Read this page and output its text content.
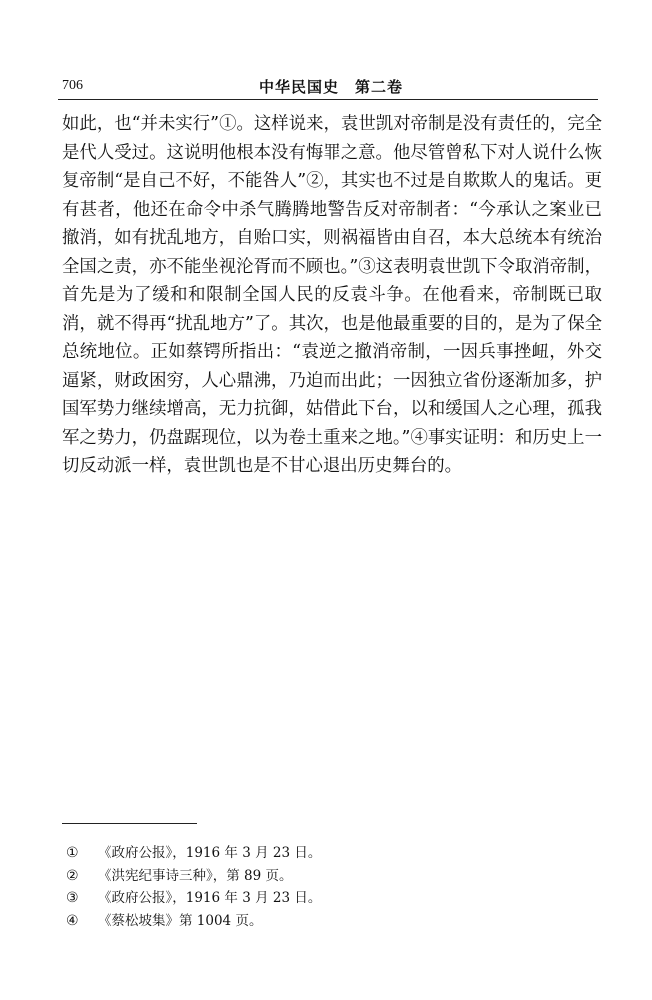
706	中华民国史　第二卷
如此，也“并未实行”①。这样说来，袁世凯对帝制是没有责任的，完全是代人受过。这说明他根本没有悔罪之意。他尽管曾私下对人说什么恢复帝制“是自己不好，不能咎人”②，其实也不过是自欺欺人的鬼话。更有甚者，他还在命令中杀气腾腾地警告反对帝制者：“今承认之案业已撤消，如有扰乱地方，自贻口实，则祸福皆由自召，本大总统本有统治全国之责，亦不能坐视沦胥而不顾也。”③这表明袁世凯下令取消帝制，首先是为了缓和和限制全国人民的反袁斗争。在他看来，帝制既已取消，就不得再“扰乱地方”了。其次，也是他最重要的目的，是为了保全总统地位。正如蔡锷所指出：“袁逆之撤消帝制，一因兵事挫衄，外交逼紧，财政困穷，人心鼎沸，乃迫而出此；一因独立省份逐渐加多，护国军势力继续增高，无力抗御，姑借此下台，以和缓国人之心理，孤我军之势力，仍盘踞现位，以为卷土重来之地。”④事实证明：和历史上一切反动派一样，袁世凯也是不甘心退出历史舞台的。
①	《政府公报》，1916 年 3 月 23 日。
②	《洪宪纪事诗三种》，第 89 页。
③	《政府公报》，1916 年 3 月 23 日。
④	《蔡松坡集》第 1004 页。
